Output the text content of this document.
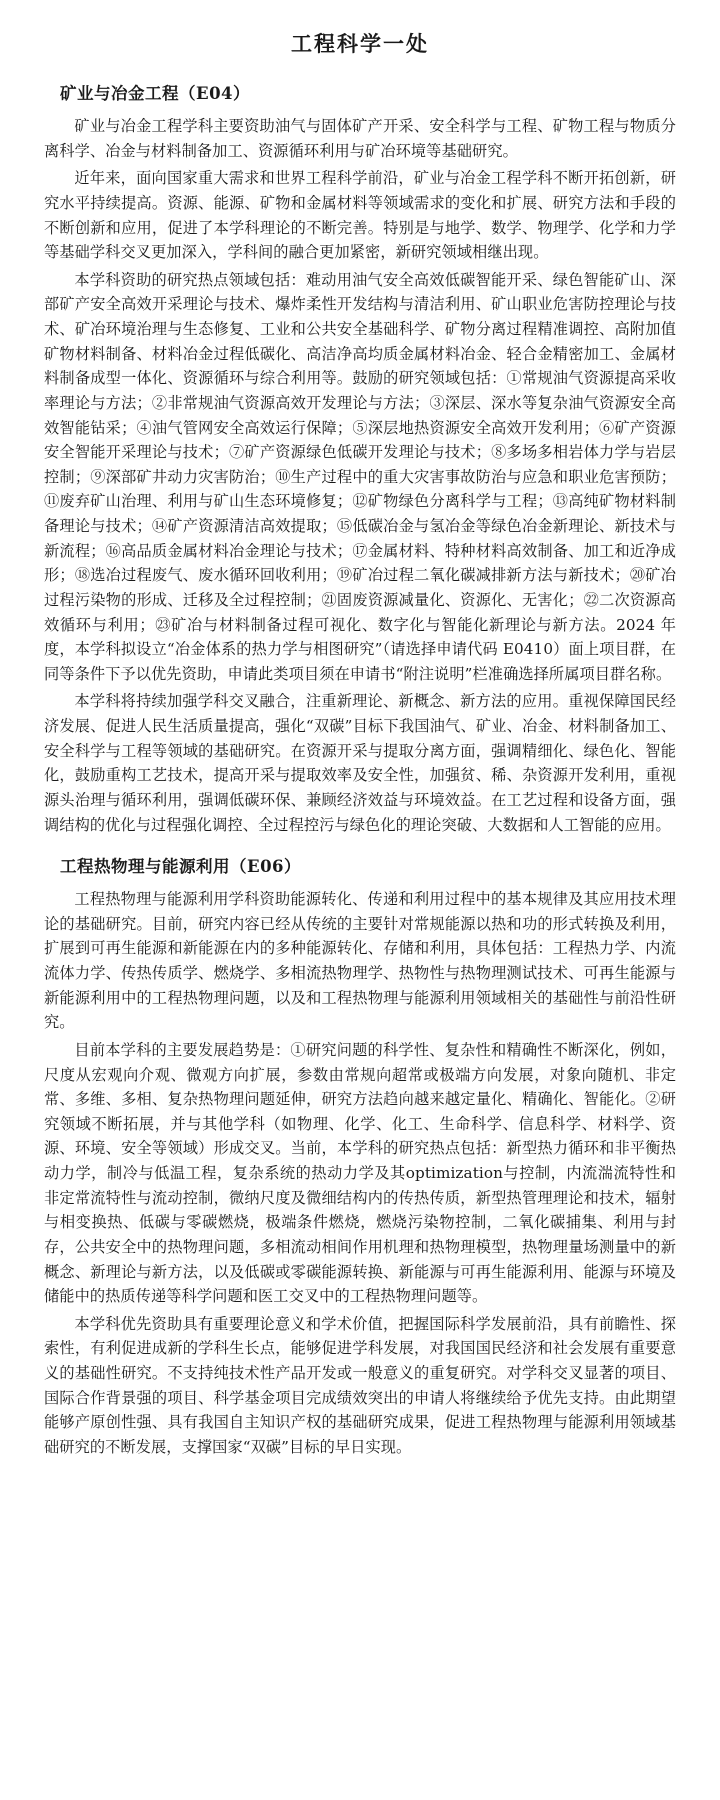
工程科学一处
矿业与冶金工程（E04）

矿业与冶金工程学科主要资助油气与固体矿产开采、安全科学与工程、矿物工程与物质分离科学、冶金与材料制备加工、资源循环利用与矿冶环境等基础研究。

近年来，面向国家重大需求和世界工程科学前沿，矿业与冶金工程学科不断开拓创新，研究水平持续提高。资源、能源、矿物和金属材料等领域需求的变化和扩展、研究方法和手段的不断创新和应用，促进了本学科理论的不断完善。特别是与地学、数学、物理学、化学和力学等基础学科交叉更加深入，学科间的融合更加紧密，新研究领域相继出现。

本学科资助的研究热点领域包括：难动用油气安全高效低碳智能开采、绿色智能矿山、深部矿产安全高效开采理论与技术、爆炸柔性开发结构与清洁利用、矿山职业危害防控理论与技术、矿冶环境治理与生态修复、工业和公共安全基础科学、矿物分离过程精准调控、高附加值矿物材料制备、材料冶金过程低碳化、高洁净高均质金属材料冶金、轻合金精密加工、金属材料制备成型一体化、资源循环与综合利用等。鼓励的研究领域包括：①常规油气资源提高采收率理论与方法；②非常规油气资源高效开发理论与方法；③深层、深水等复杂油气资源安全高效智能钻采；④油气管网安全高效运行保障；⑤深层地热资源安全高效开发利用；⑥矿产资源安全智能开采理论与技术；⑦矿产资源绿色低碳开发理论与技术；⑧多场多相岩体力学与岩层控制；⑨深部矿井动力灾害防治；⑩生产过程中的重大灾害事故防治与应急和职业危害预防；⑪废弃矿山治理、利用与矿山生态环境修复；⑫矿物绿色分离科学与工程；⑬高纯矿物材料制备理论与技术；⑭矿产资源清洁高效提取；⑮低碳冶金与氢冶金等绿色冶金新理论、新技术与新流程；⑯高品质金属材料冶金理论与技术；⑰金属材料、特种材料高效制备、加工和近净成形；⑱选冶过程废气、废水循环回收利用；⑲矿冶过程二氧化碳减排新方法与新技术；⑳矿冶过程污染物的形成、迁移及全过程控制；㉑固废资源减量化、资源化、无害化；㉒二次资源高效循环与利用；㉓矿冶与材料制备过程可视化、数字化与智能化新理论与新方法。2024 年度，本学科拟设立“冶金体系的热力学与相图研究”（请选择申请代码 E0410）面上项目群，在同等条件下予以优先资助，申请此类项目须在申请书“附注说明”栏准确选择所属项目群名称。

本学科将持续加强学科交叉融合，注重新理论、新概念、新方法的应用。重视保障国民经济发展、促进人民生活质量提高，强化“双碳”目标下我国油气、矿业、冶金、材料制备加工、安全科学与工程等领域的基础研究。在资源开采与提取分离方面，强调精细化、绿色化、智能化，鼓励重构工艺技术，提高开采与提取效率及安全性，加强贫、稀、杂资源开发利用，重视源头治理与循环利用，强调低碳环保、兼顾经济效益与环境效益。在工艺过程和设备方面，强调结构的优化与过程强化调控、全过程控污与绿色化的理论突破、大数据和人工智能的应用。

工程热物理与能源利用（E06）

工程热物理与能源利用学科资助能源转化、传递和利用过程中的基本规律及其应用技术理论的基础研究。目前，研究内容已经从传统的主要针对常规能源以热和功的形式转换及利用，扩展到可再生能源和新能源在内的多种能源转化、存储和利用，具体包括：工程热力学、内流流体力学、传热传质学、燃烧学、多相流热物理学、热物性与热物理测试技术、可再生能源与新能源利用中的工程热物理问题，以及和工程热物理与能源利用领域相关的基础性与前沿性研究。

目前本学科的主要发展趋势是：①研究问题的科学性、复杂性和精确性不断深化，例如，尺度从宏观向介观、微观方向扩展，参数由常规向超常或极端方向发展，对象向随机、非定常、多维、多相、复杂热物理问题延伸，研究方法趋向越来越定量化、精确化、智能化。②研究领域不断拓展，并与其他学科（如物理、化学、化工、生命科学、信息科学、材料学、资源、环境、安全等领域）形成交叉。当前，本学科的研究热点包括：新型热力循环和非平衡热动力学，制冷与低温工程，复杂系统的热动力学及其optimization与控制，内流湍流特性和非定常流特性与流动控制，微纳尺度及微细结构内的传热传质，新型热管理理论和技术，辐射与相变换热、低碳与零碳燃烧，极端条件燃烧，燃烧污染物控制，二氧化碳捕集、利用与封存，公共安全中的热物理问题，多相流动相间作用机理和热物理模型，热物理量场测量中的新概念、新理论与新方法，以及低碳或零碳能源转换、新能源与可再生能源利用、能源与环境及储能中的热质传递等科学问题和医工交叉中的工程热物理问题等。

本学科优先资助具有重要理论意义和学术价值，把握国际科学发展前沿，具有前瞻性、探索性，有利促进成新的学科生长点，能够促进学科发展，对我国国民经济和社会发展有重要意义的基础性研究。不支持纯技术性产品开发或一般意义的重复研究。对学科交叉显著的项目、国际合作背景强的项目、科学基金项目完成绩效突出的申请人将继续给予优先支持。由此期望能够产原创性强、具有我国自主知识产权的基础研究成果，促进工程热物理与能源利用领域基础研究的不断发展，支撑国家“双碳”目标的早日实现。
